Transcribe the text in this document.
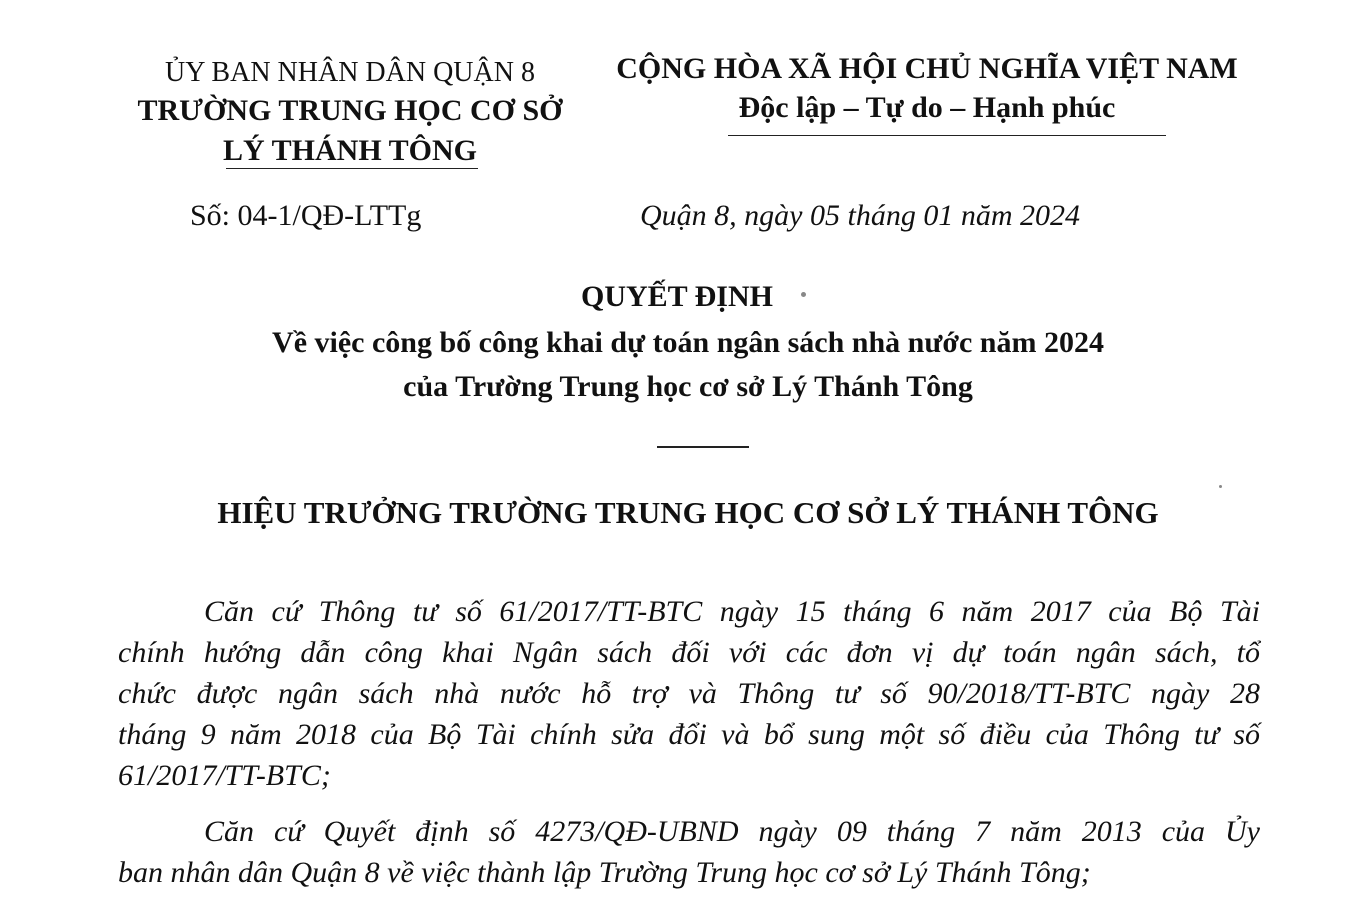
ỦY BAN NHÂN DÂN QUẬN 8
TRƯỜNG TRUNG HỌC CƠ SỞ
LÝ THÁNH TÔNG
CỘNG HÒA XÃ HỘI CHỦ NGHĨA VIỆT NAM
Độc lập – Tự do – Hạnh phúc
Số: 04-1/QĐ-LTTg	Quận 8, ngày 05 tháng 01 năm 2024
QUYẾT ĐỊNH
Về việc công bố công khai dự toán ngân sách nhà nước năm 2024
của Trường Trung học cơ sở Lý Thánh Tông
HIỆU TRƯỞNG TRƯỜNG TRUNG HỌC CƠ SỞ LÝ THÁNH TÔNG
Căn cứ Thông tư số 61/2017/TT-BTC ngày 15 tháng 6 năm 2017 của Bộ Tài
chính hướng dẫn công khai Ngân sách đối với các đơn vị dự toán ngân sách, tổ
chức được ngân sách nhà nước hỗ trợ và Thông tư số 90/2018/TT-BTC ngày 28
tháng 9 năm 2018 của Bộ Tài chính sửa đổi và bổ sung một số điều của Thông tư số
61/2017/TT-BTC;
Căn cứ Quyết định số 4273/QĐ-UBND ngày 09 tháng 7 năm 2013 của Ủy
ban nhân dân Quận 8 về việc thành lập Trường Trung học cơ sở Lý Thánh Tông;
